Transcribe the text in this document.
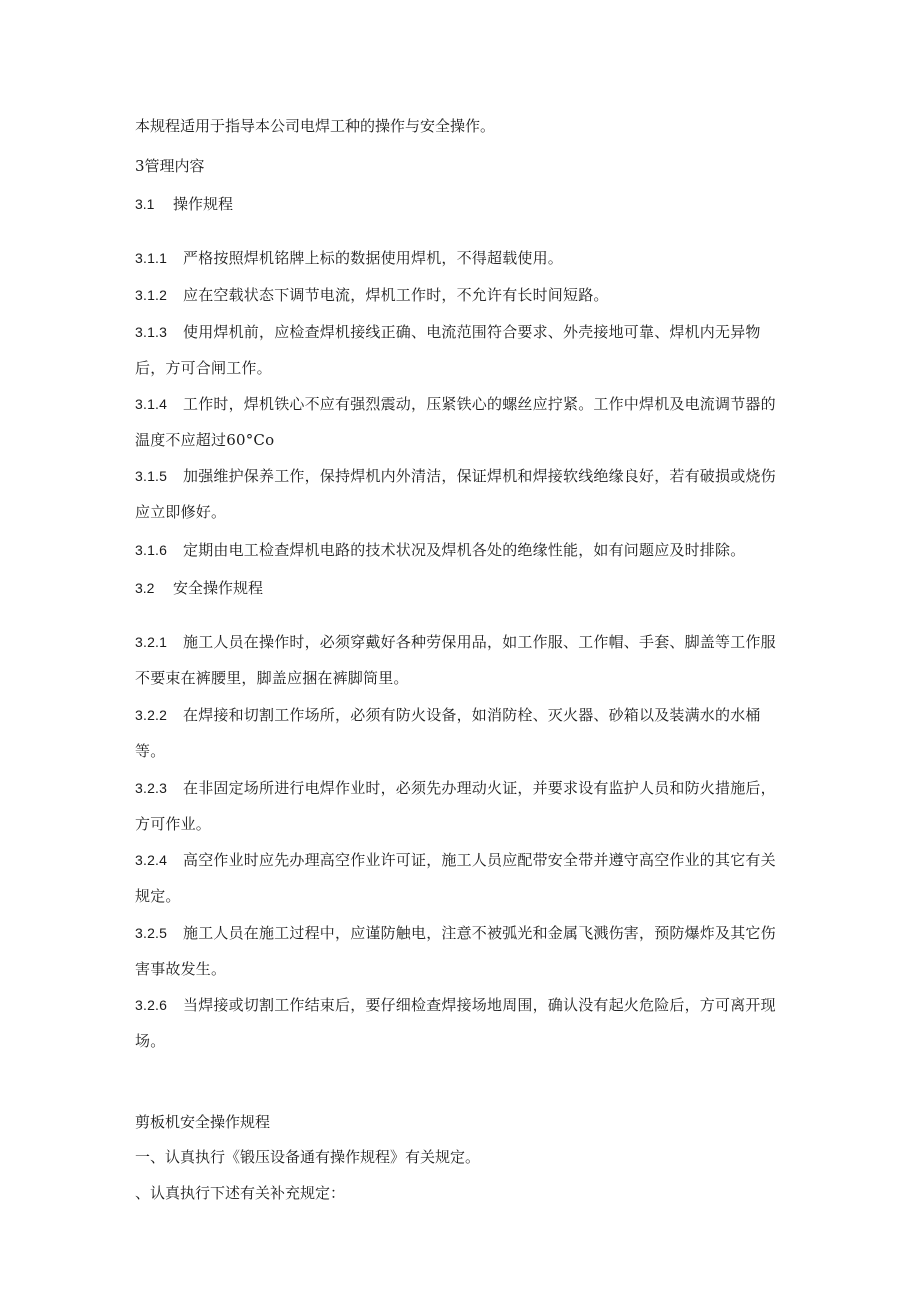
本规程适用于指导本公司电焊工种的操作与安全操作。
3管理内容
3.1 操作规程
3.1.1 严格按照焊机铭牌上标的数据使用焊机，不得超载使用。
3.1.2 应在空载状态下调节电流，焊机工作时，不允许有长时间短路。
3.1.3 使用焊机前，应检查焊机接线正确、电流范围符合要求、外壳接地可靠、焊机内无异物后，方可合闸工作。
3.1.4 工作时，焊机铁心不应有强烈震动，压紧铁心的螺丝应拧紧。工作中焊机及电流调节器的温度不应超过60°Co
3.1.5 加强维护保养工作，保持焊机内外清洁，保证焊机和焊接软线绝缘良好，若有破损或烧伤应立即修好。
3.1.6 定期由电工检查焊机电路的技术状况及焊机各处的绝缘性能，如有问题应及时排除。
3.2 安全操作规程
3.2.1 施工人员在操作时，必须穿戴好各种劳保用品，如工作服、工作帽、手套、脚盖等工作服不要束在裤腰里，脚盖应捆在裤脚筒里。
3.2.2 在焊接和切割工作场所，必须有防火设备，如消防栓、灭火器、砂箱以及装满水的水桶等。
3.2.3 在非固定场所进行电焊作业时，必须先办理动火证，并要求设有监护人员和防火措施后，方可作业。
3.2.4 高空作业时应先办理高空作业许可证，施工人员应配带安全带并遵守高空作业的其它有关规定。
3.2.5 施工人员在施工过程中，应谨防触电，注意不被弧光和金属飞溅伤害，预防爆炸及其它伤害事故发生。
3.2.6 当焊接或切割工作结束后，要仔细检查焊接场地周围，确认没有起火危险后，方可离开现场。
剪板机安全操作规程
一、认真执行《锻压设备通有操作规程》有关规定。
、认真执行下述有关补充规定：
